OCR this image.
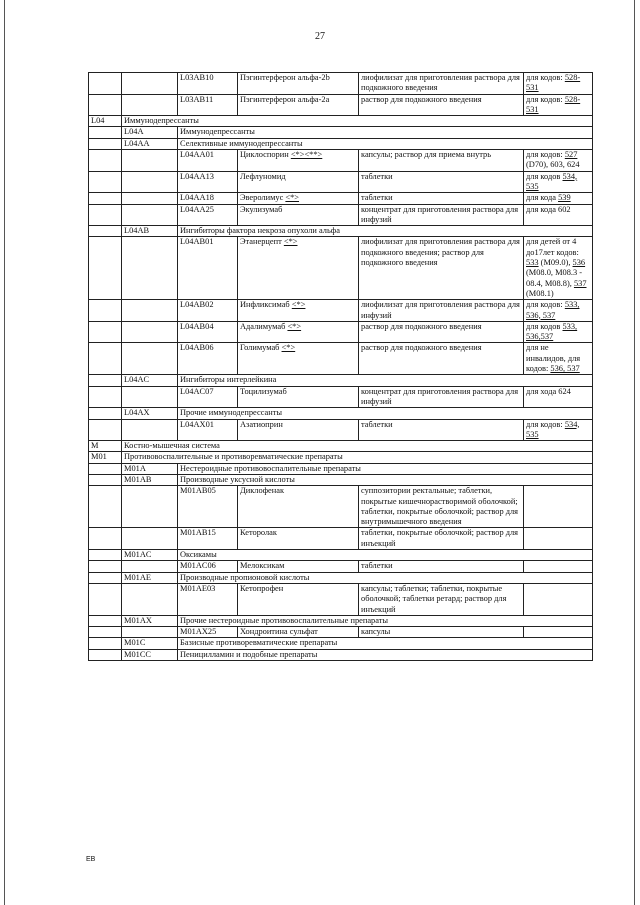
27
		L03AB10	Пэгинтерферон альфа-2b	лиофилизат для приготовления раствора для подкожного введения	для кодов: 528-531
		L03AB11	Пэгинтерферон альфа-2а	раствор для подкожного введения	для кодов: 528-531
L04	Иммунодепрессанты				
	L04A	Иммунодепрессанты			
	L04AA	Селективные иммунодепрессанты			
		L04AA01	Циклоспорин <*><**>	капсулы; раствор для приема внутрь	для кодов: 527 (D70), 603, 624
		L04AA13	Лефлуномид	таблетки	для кодов 534, 535
		L04AA18	Эверолимус <*>	таблетки	для кода 539
		L04AA25	Экулизумаб	концентрат для приготовления раствора для инфузий	для кода 602
	L04AB	Ингибиторы фактора некроза опухоли альфа			
		L04AB01	Этанерцепт <*>	лиофилизат для приготовления раствора для подкожного введения; раствор для подкожного введения	для детей от 4 до17лет кодов: 533 (M09.0), 536 (M08.0, M08.3 - 08.4, M08.8), 537 (M08.1)
		L04AB02	Инфликсимаб <*>	лиофилизат для приготовления раствора для инфузий	для кодов: 533, 536, 537
		L04AB04	Адалимумаб <*>	раствор для подкожного введения	для кодов 533, 536,537
		L04AB06	Голимумаб <*>	раствор для подкожного введения	для не инвалидов, для кодов: 536, 537
	L04AC	Ингибиторы интерлейкина			
		L04AC07	Тоцилизумаб	концентрат для приготовления раствора для инфузий	для хода 624
	L04AX	Прочие иммунодепрессанты			
		L04AX01	Азатиоприн	таблетки	для кодов: 534, 535
M	Костно-мышечная система				
M01	Противовоспалительные и противоревматические препараты				
	M01A	Нестероидные противовоспалительные препараты			
	M01AB	Производные уксусной кислоты			
		M01AB05	Диклофенак	суппозитории ректальные; таблетки, покрытые кишечнорастворимой оболочкой; таблетки, покрытые оболочкой; раствор для внутримышечного введения	
		M01AB15	Кеторолак	таблетки, покрытые оболочкой; раствор для инъекций	
	M01AC	Оксикамы			
		M01AC06	Мелоксикам	таблетки	
	M01AE	Производные пропионовой кислоты			
		M01AE03	Кетопрофен	капсулы; таблетки; таблетки, покрытые оболочкой; таблетки ретард; раствор для инъекций	
	M01AX	Прочие нестероидные противовоспалительные препараты			
		M01AX25	Хондроитина сульфат	капсулы	
	M01C	Базисные противоревматические препараты			
	M01CC	Пеницилламин и подобные препараты			
EB
